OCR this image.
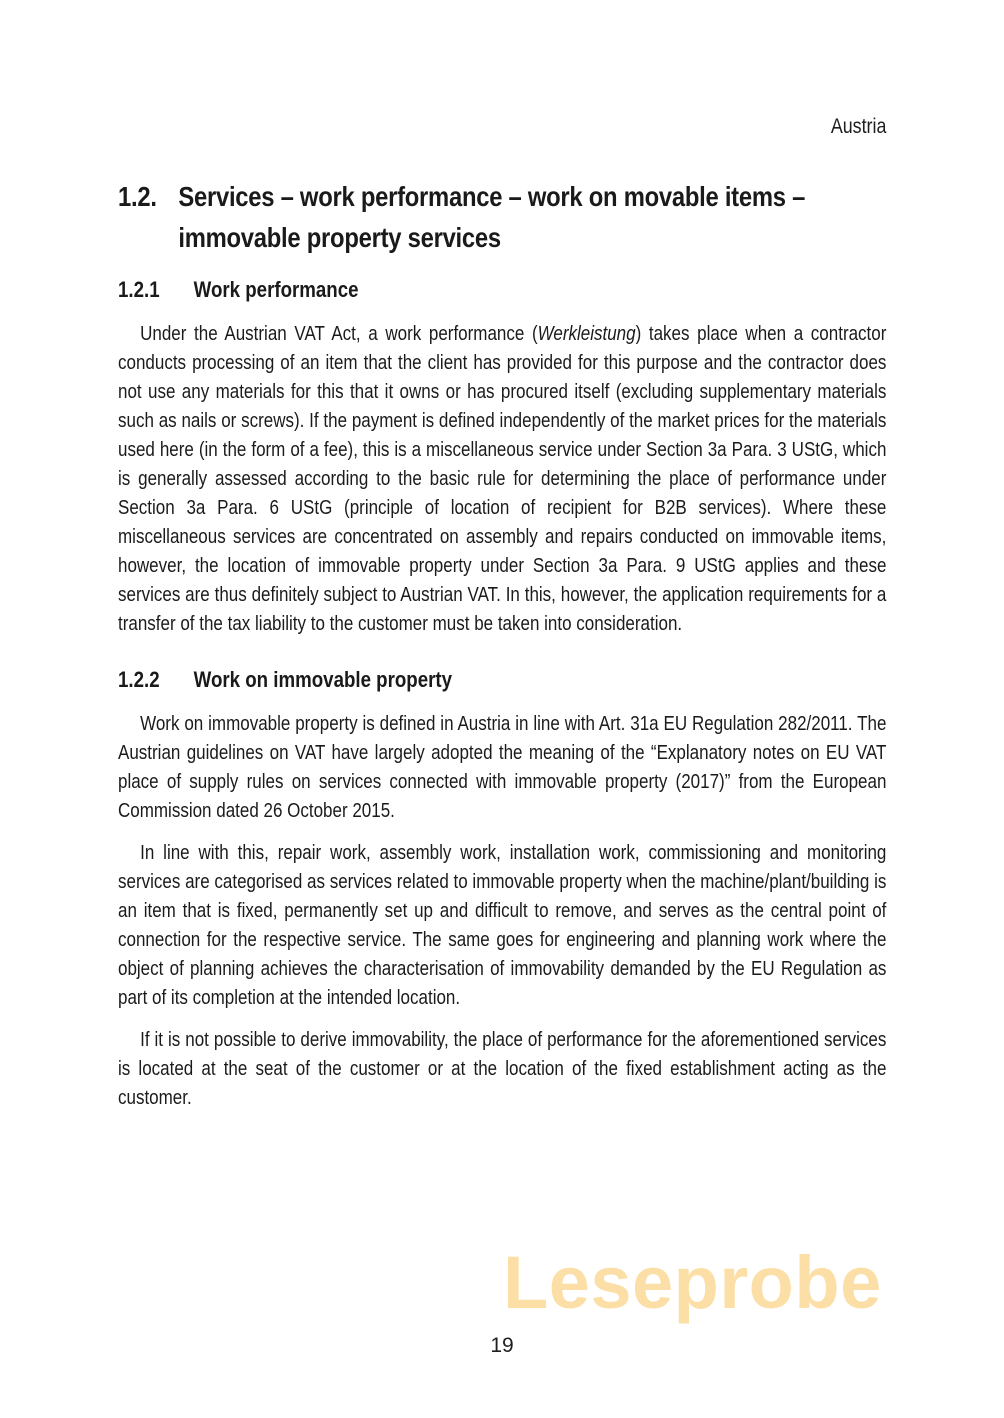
Austria
1.2. Services – work performance – work on movable items – immovable property services
1.2.1 Work performance

Under the Austrian VAT Act, a work performance (Werkleistung) takes place when a contractor conducts processing of an item that the client has provided for this purpose and the contractor does not use any materials for this that it owns or has procured itself (excluding supplementary materials such as nails or screws). If the payment is defined independently of the market prices for the materials used here (in the form of a fee), this is a miscellaneous service under Section 3a Para. 3 UStG, which is generally assessed according to the basic rule for determining the place of performance under Section 3a Para. 6 UStG (principle of location of recipient for B2B services). Where these miscellaneous services are concentrated on assembly and repairs conducted on immovable items, however, the location of immovable property under Section 3a Para. 9 UStG applies and these services are thus definitely subject to Austrian VAT. In this, however, the application requirements for a transfer of the tax liability to the customer must be taken into consideration.

1.2.2 Work on immovable property

Work on immovable property is defined in Austria in line with Art. 31a EU Regulation 282/2011. The Austrian guidelines on VAT have largely adopted the meaning of the “Explanatory notes on EU VAT place of supply rules on services connected with immovable property (2017)” from the European Commission dated 26 October 2015.

In line with this, repair work, assembly work, installation work, commissioning and monitoring services are categorised as services related to immovable property when the machine/plant/building is an item that is fixed, permanently set up and difficult to remove, and serves as the central point of connection for the respective service. The same goes for engineering and planning work where the object of planning achieves the characterisation of immovability demanded by the EU Regulation as part of its completion at the intended location.

If it is not possible to derive immovability, the place of performance for the aforementioned services is located at the seat of the customer or at the location of the fixed establishment acting as the customer.

Leseprobe
19
